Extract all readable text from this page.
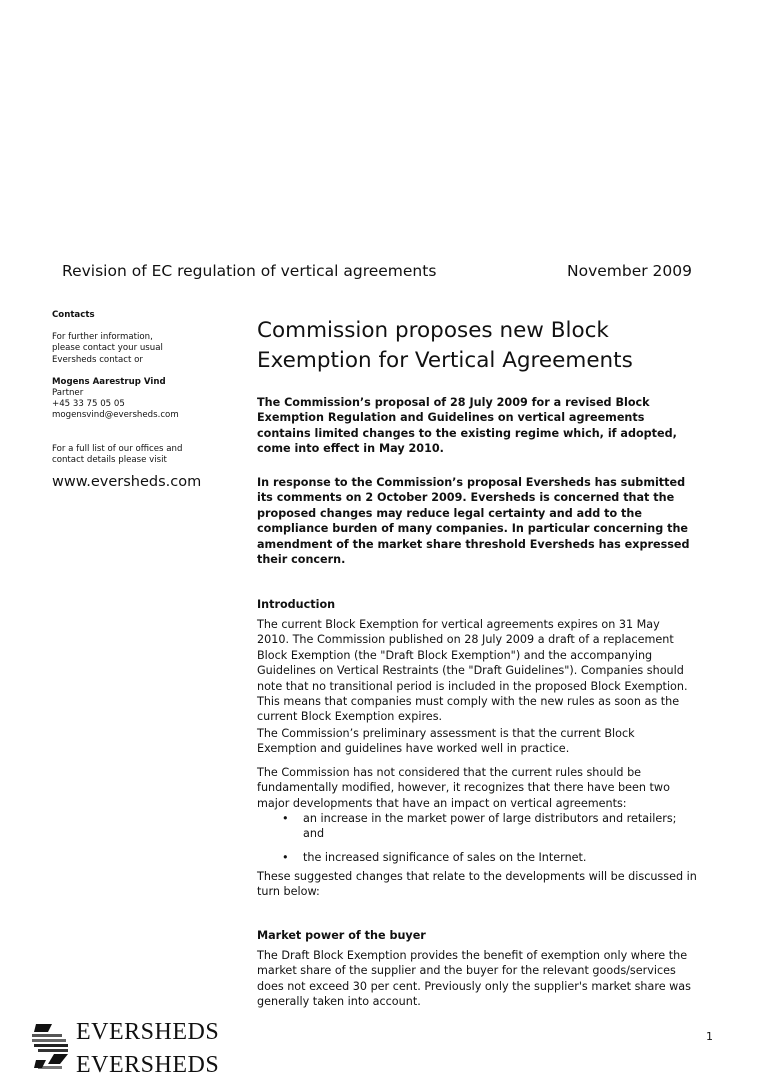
Revision of EC regulation of vertical agreements	November 2009
Contacts
For further information,
please contact your usual
Eversheds contact or
Mogens Aarestrup Vind
Partner
+45 33 75 05 05
mogensvind@eversheds.com
For a full list of our offices and
contact details please visit
www.eversheds.com
Commission proposes new Block
Exemption for Vertical Agreements
The Commission’s proposal of 28 July 2009 for a revised Block
Exemption Regulation and Guidelines on vertical agreements
contains limited changes to the existing regime which, if adopted,
come into effect in May 2010.
In response to the Commission’s proposal Eversheds has submitted
its comments on 2 October 2009. Eversheds is concerned that the
proposed changes may reduce legal certainty and add to the
compliance burden of many companies. In particular concerning the
amendment of the market share threshold Eversheds has expressed
their concern.
Introduction
The current Block Exemption for vertical agreements expires on 31 May
2010. The Commission published on 28 July 2009 a draft of a replacement
Block Exemption (the "Draft Block Exemption") and the accompanying
Guidelines on Vertical Restraints (the "Draft Guidelines"). Companies should
note that no transitional period is included in the proposed Block Exemption.
This means that companies must comply with the new rules as soon as the
current Block Exemption expires.
The Commission’s preliminary assessment is that the current Block
Exemption and guidelines have worked well in practice.
The Commission has not considered that the current rules should be
fundamentally modified, however, it recognizes that there have been two
major developments that have an impact on vertical agreements:
• an increase in the market power of large distributors and retailers;
and
• the increased significance of sales on the Internet.
These suggested changes that relate to the developments will be discussed in
turn below:
Market power of the buyer
The Draft Block Exemption provides the benefit of exemption only where the
market share of the supplier and the buyer for the relevant goods/services
does not exceed 30 per cent. Previously only the supplier's market share was
generally taken into account.
EVERSHEDS
EVERSHEDS
1
